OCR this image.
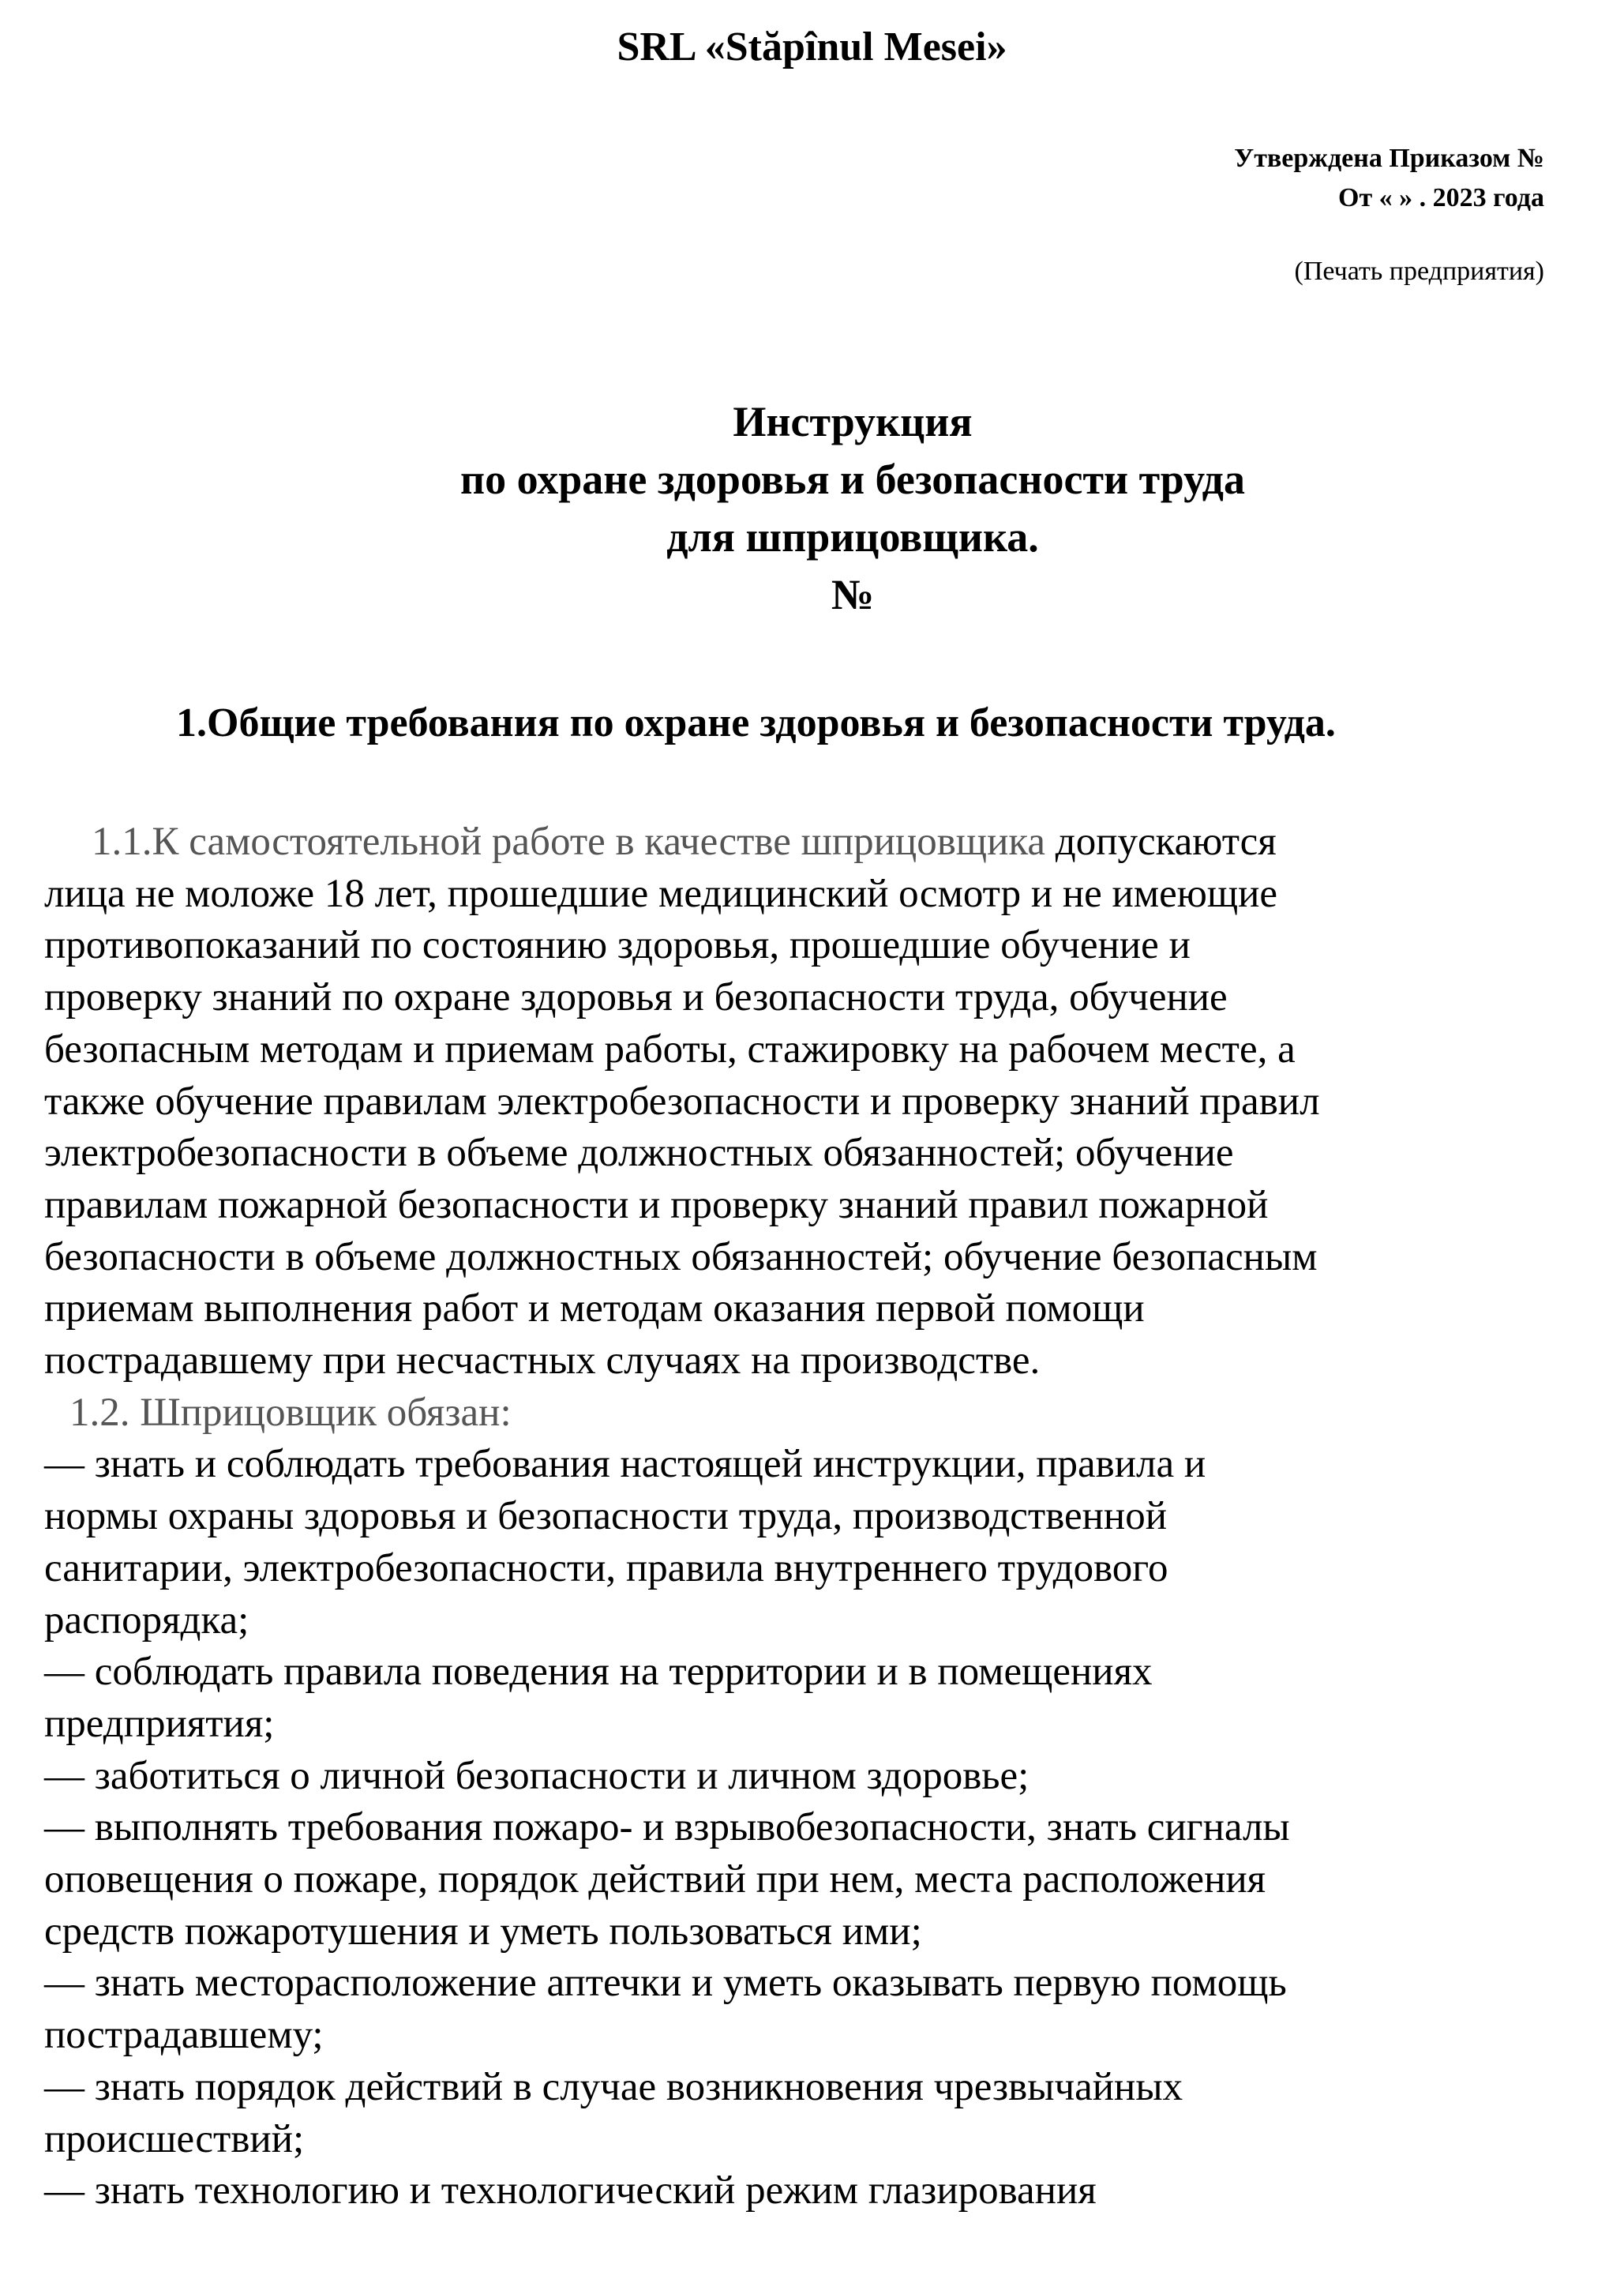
SRL «Stăpînul Mesei»
Утверждена Приказом №
От « » . 2023 года
(Печать предприятия)
Инструкция
по охране здоровья и безопасности труда
для шприцовщика.
№
1.Общие требования по охране здоровья и безопасности труда.
1.1.К самостоятельной работе в качестве шприцовщика допускаются
лица не моложе 18 лет, прошедшие медицинский осмотр и не имеющие
противопоказаний по состоянию здоровья, прошедшие обучение и
проверку знаний по охране здоровья и безопасности труда, обучение
безопасным методам и приемам работы, стажировку на рабочем месте, а
также обучение правилам электробезопасности и проверку знаний правил
электробезопасности в объеме должностных обязанностей; обучение
правилам пожарной безопасности и проверку знаний правил пожарной
безопасности в объеме должностных обязанностей; обучение безопасным
приемам выполнения работ и методам оказания первой помощи
пострадавшему при несчастных случаях на производстве.
1.2. Шприцовщик обязан:
— знать и соблюдать требования настоящей инструкции, правила и
нормы охраны здоровья и безопасности труда, производственной
санитарии, электробезопасности, правила внутреннего трудового
распорядка;
— соблюдать правила поведения на территории и в помещениях
предприятия;
— заботиться о личной безопасности и личном здоровье;
— выполнять требования пожаро- и взрывобезопасности, знать сигналы
оповещения о пожаре, порядок действий при нем, места расположения
средств пожаротушения и уметь пользоваться ими;
— знать месторасположение аптечки и уметь оказывать первую помощь
пострадавшему;
— знать порядок действий в случае возникновения чрезвычайных
происшествий;
— знать технологию и технологический режим глазирования
